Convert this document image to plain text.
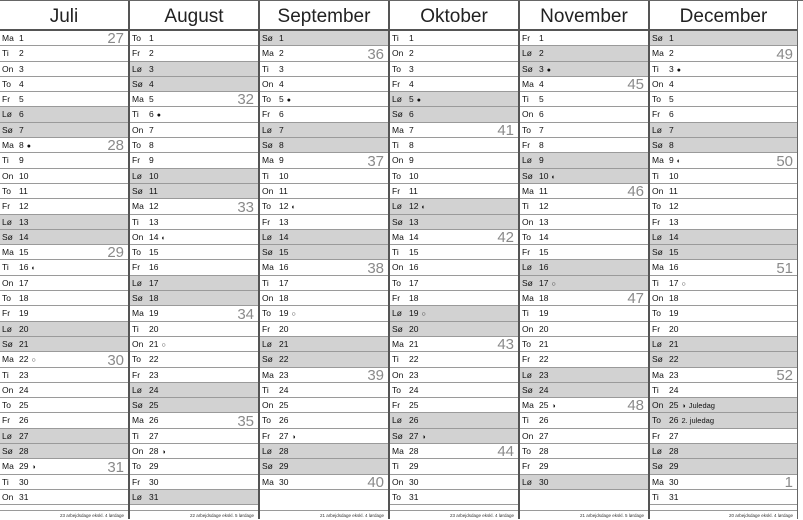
Juli
Ma 1	27
Ti 2
On 3
To 4
Fr 5
Lø 6
Sø 7
Ma 8 ●	28
Ti 9
On 10
To 11
Fr 12
Lø 13
Sø 14
Ma 15	29
Ti 16 ◐
On 17
To 18
Fr 19
Lø 20
Sø 21
Ma 22 ○	30
Ti 23
On 24
To 25
Fr 26
Lø 27
Sø 28
Ma 29 ◑	31
Ti 30
On 31
23 arbejdsdage ekskl. 4 lørdage
August
To 1
Fr 2
Lø 3
Sø 4
Ma 5	32
Ti 6 ●
On 7
To 8
Fr 9
Lø 10
Sø 11
Ma 12	33
Ti 13
On 14 ◐
To 15
Fr 16
Lø 17
Sø 18
Ma 19	34
Ti 20
On 21 ○
To 22
Fr 23
Lø 24
Sø 25
Ma 26	35
Ti 27
On 28 ◑
To 29
Fr 30
Lø 31
22 arbejdsdage ekskl. 5 lørdage
September
Sø 1
Ma 2	36
Ti 3
On 4
To 5 ●
Fr 6
Lø 7
Sø 8
Ma 9	37
Ti 10
On 11
To 12 ◐
Fr 13
Lø 14
Sø 15
Ma 16	38
Ti 17
On 18
To 19 ○
Fr 20
Lø 21
Sø 22
Ma 23	39
Ti 24
On 25
To 26
Fr 27 ◑
Lø 28
Sø 29
Ma 30	40
21 arbejdsdage ekskl. 4 lørdage
Oktober
Ti 1
On 2
To 3
Fr 4
Lø 5 ●
Sø 6
Ma 7	41
Ti 8
On 9
To 10
Fr 11
Lø 12 ◐
Sø 13
Ma 14	42
Ti 15
On 16
To 17
Fr 18
Lø 19 ○
Sø 20
Ma 21	43
Ti 22
On 23
To 24
Fr 25
Lø 26
Sø 27 ◑
Ma 28	44
Ti 29
On 30
To 31
23 arbejdsdage ekskl. 4 lørdage
November
Fr 1
Lø 2
Sø 3 ●
Ma 4	45
Ti 5
On 6
To 7
Fr 8
Lø 9
Sø 10 ◐
Ma 11	46
Ti 12
On 13
To 14
Fr 15
Lø 16
Sø 17 ○
Ma 18	47
Ti 19
On 20
To 21
Fr 22
Lø 23
Sø 24
Ma 25 ◑	48
Ti 26
On 27
To 28
Fr 29
Lø 30
21 arbejdsdage ekskl. 5 lørdage
December
Sø 1
Ma 2	49
Ti 3 ●
On 4
To 5
Fr 6
Lø 7
Sø 8
Ma 9 ◐	50
Ti 10
On 11
To 12
Fr 13
Lø 14
Sø 15
Ma 16	51
Ti 17 ○
On 18
To 19
Fr 20
Lø 21
Sø 22
Ma 23	52
Ti 24
On 25 ◑ Juledag
To 26 2. juledag
Fr 27
Lø 28
Sø 29
Ma 30	1
Ti 31
20 arbejdsdage ekskl. 4 lørdage
